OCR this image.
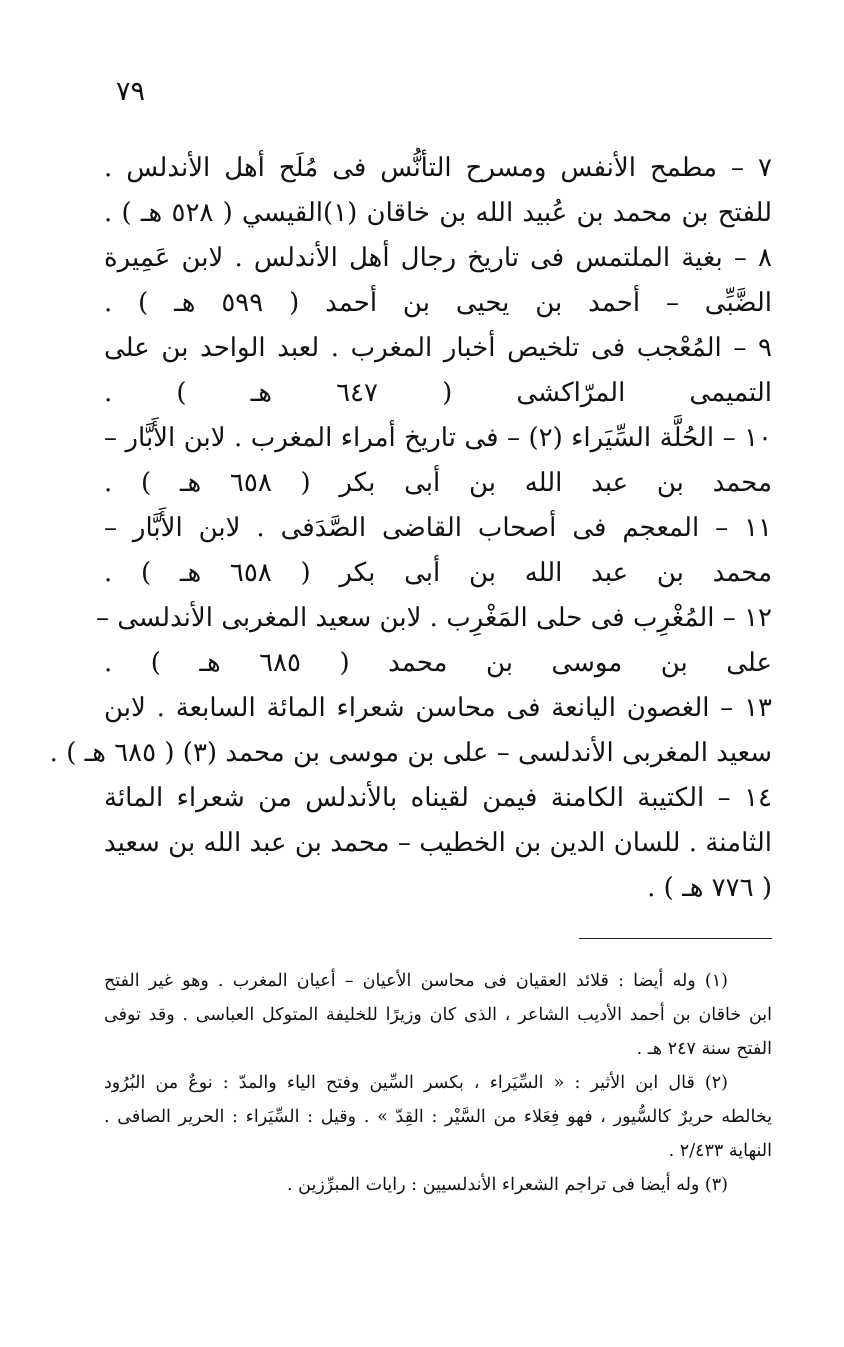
٧٩
٧ – مطمح الأنفس ومسرح التأنُّس فى مُلَح أهل الأندلس .
للفتح بن محمد بن عُبيد الله بن خاقان (١)القيسي ( ٥٢٨ هـ ) .
٨ – بغية الملتمس فى تاريخ رجال أهل الأندلس . لابن عَمِيرة
الضَّبِّى – أحمد بن يحيى بن أحمد ( ٥٩٩ هـ ) .
٩ – المُعْجب فى تلخيص أخبار المغرب . لعبد الواحد بن على
التميمى المرّاكشى ( ٦٤٧ هـ ) .
١٠ – الحُلَّة السِّيَراء (٢) – فى تاريخ أمراء المغرب . لابن الأَبَّار –
محمد بن عبد الله بن أبى بكر ( ٦٥٨ هـ ) .
١١ – المعجم فى أصحاب القاضى الصَّدَفى . لابن الأَبَّار –
محمد بن عبد الله بن أبى بكر ( ٦٥٨ هـ ) .
١٢ – المُغْرِب فى حلى المَغْرِب . لابن سعيد المغربى الأندلسى –
على بن موسى بن محمد ( ٦٨٥ هـ ) .
١٣ – الغصون اليانعة فى محاسن شعراء المائة السابعة . لابن
سعيد المغربى الأندلسى – على بن موسى بن محمد (٣) ( ٦٨٥ هـ ) .
١٤ – الكتيبة الكامنة فيمن لقيناه بالأندلس من شعراء المائة
الثامنة . للسان الدين بن الخطيب – محمد بن عبد الله بن سعيد
( ٧٧٦ هـ ) .
(١) وله أيضا : قلائد العقيان فى محاسن الأعيان – أعيان المغرب . وهو غير الفتح
ابن خاقان بن أحمد الأديب الشاعر ، الذى كان وزيرًا للخليفة المتوكل العباسى . وقد توفى
الفتح سنة ٢٤٧ هـ .
(٢) قال ابن الأثير : « السِّيَراء ، بكسر السِّين وفتح الياء والمدّ : نوعٌ من البُرُود
يخالطه حريرٌ كالسُّيور ، فهو فِعَلاء من السَّيْر : القِدّ » . وقيل : السِّيَراء : الحرير الصافى .
النهاية ٢/٤٣٣ .
(٣) وله أيضا فى تراجم الشعراء الأندلسيين : رايات المبرِّزين .
